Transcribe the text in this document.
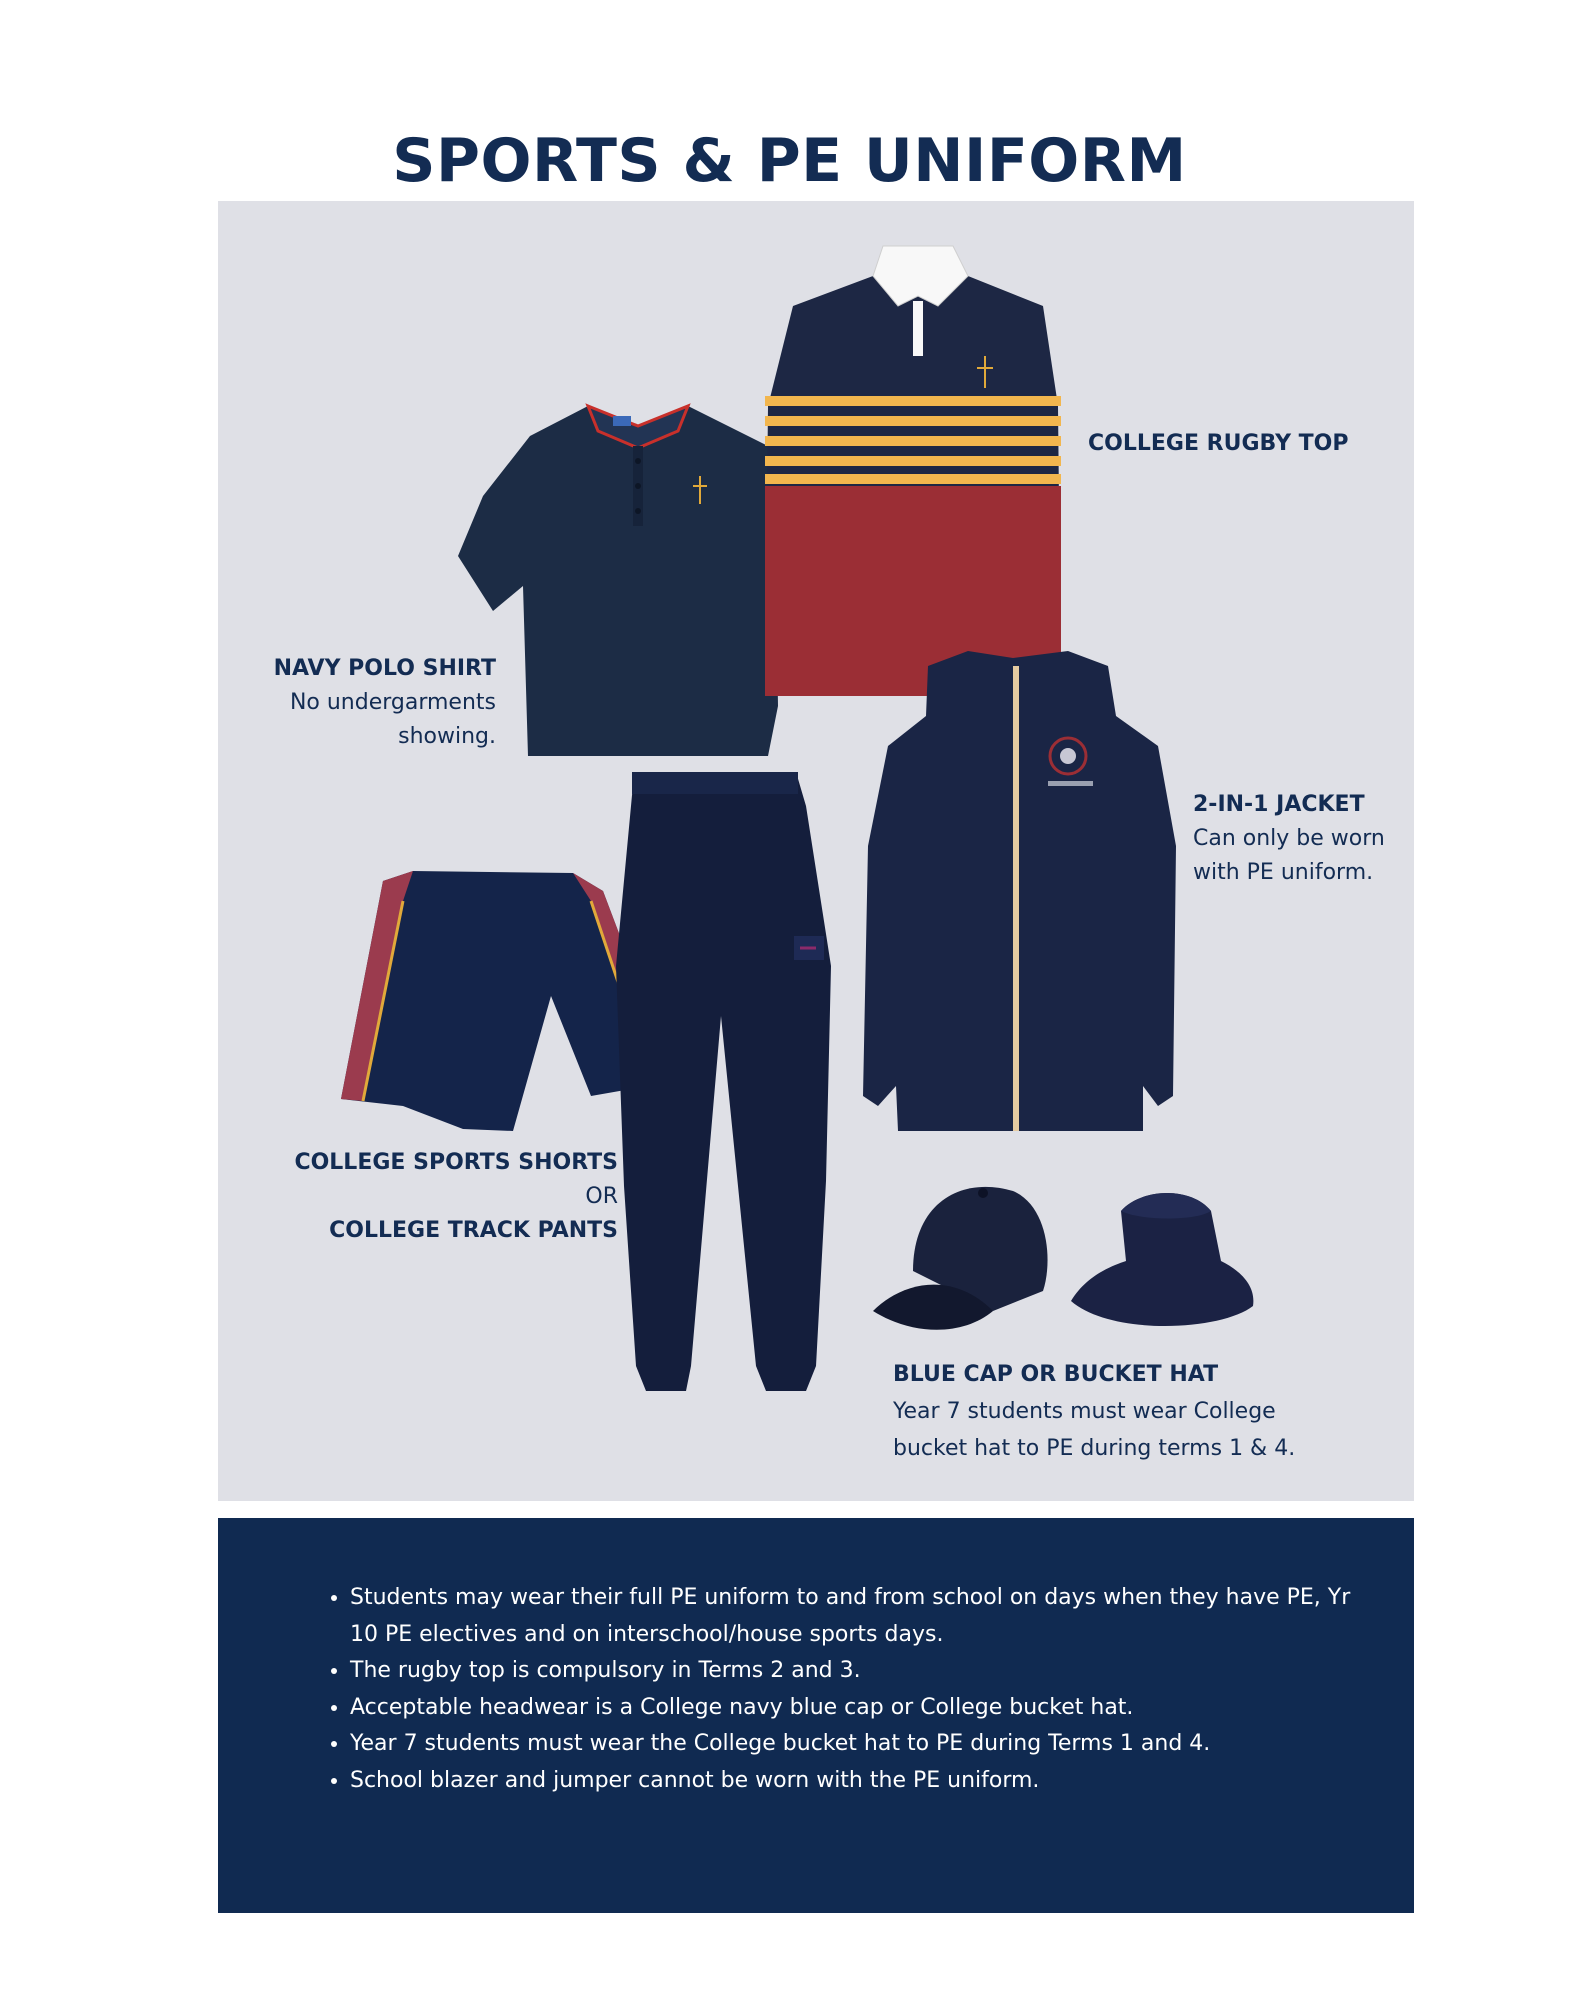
SPORTS & PE UNIFORM
COLLEGE RUGBY TOP
NAVY POLO SHIRT
No undergarments
showing.
2-IN-1 JACKET
Can only be worn
with PE uniform.
COLLEGE SPORTS SHORTS
OR
COLLEGE TRACK PANTS
BLUE CAP OR BUCKET HAT
Year 7 students must wear College
bucket hat to PE during terms 1 & 4.
• Students may wear their full PE uniform to and from school on days when they have PE, Yr 10 PE electives and on interschool/house sports days.
• The rugby top is compulsory in Terms 2 and 3.
• Acceptable headwear is a College navy blue cap or College bucket hat.
• Year 7 students must wear the College bucket hat to PE during Terms 1 and 4.
• School blazer and jumper cannot be worn with the PE uniform.
